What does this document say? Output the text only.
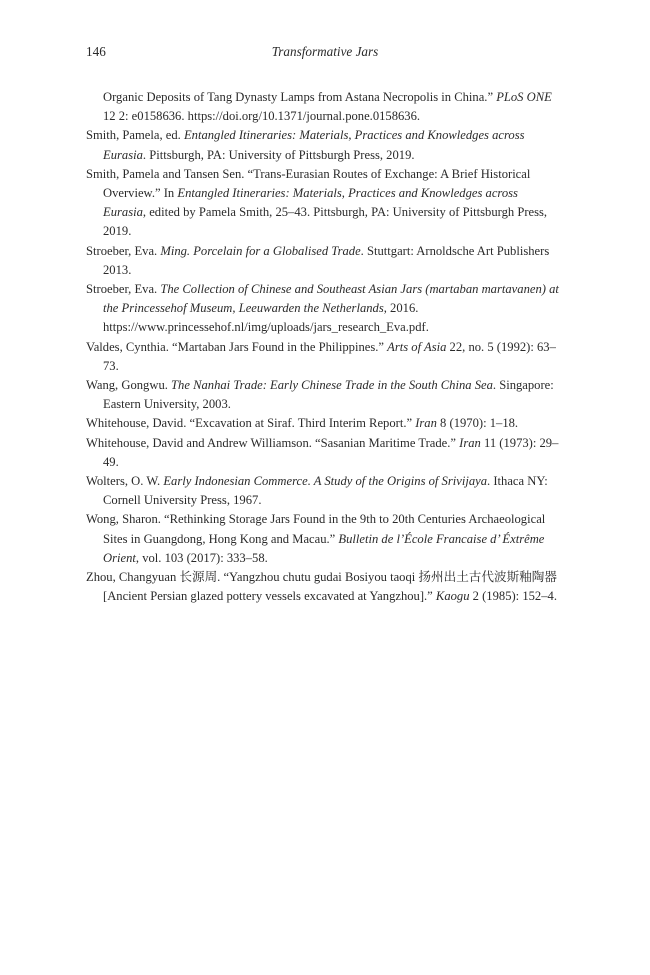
146	Transformative Jars

Organic Deposits of Tang Dynasty Lamps from Astana Necropolis in China.” PLoS ONE 12 2: e0158636. https://doi.org/10.1371/journal.pone.0158636.

Smith, Pamela, ed. Entangled Itineraries: Materials, Practices and Knowledges across Eurasia. Pittsburgh, PA: University of Pittsburgh Press, 2019.

Smith, Pamela and Tansen Sen. “Trans-Eurasian Routes of Exchange: A Brief Historical Overview.” In Entangled Itineraries: Materials, Practices and Knowledges across Eurasia, edited by Pamela Smith, 25–43. Pittsburgh, PA: University of Pittsburgh Press, 2019.

Stroeber, Eva. Ming. Porcelain for a Globalised Trade. Stuttgart: Arnoldsche Art Publishers 2013.

Stroeber, Eva. The Collection of Chinese and Southeast Asian Jars (martaban martavanen) at the Princessehof Museum, Leeuwarden the Netherlands, 2016. https://www.princessehof.nl/img/uploads/jars_research_Eva.pdf.

Valdes, Cynthia. “Martaban Jars Found in the Philippines.” Arts of Asia 22, no. 5 (1992): 63–73.

Wang, Gongwu. The Nanhai Trade: Early Chinese Trade in the South China Sea. Singapore: Eastern University, 2003.

Whitehouse, David. “Excavation at Siraf. Third Interim Report.” Iran 8 (1970): 1–18.

Whitehouse, David and Andrew Williamson. “Sasanian Maritime Trade.” Iran 11 (1973): 29–49.

Wolters, O. W. Early Indonesian Commerce. A Study of the Origins of Srivijaya. Ithaca NY: Cornell University Press, 1967.

Wong, Sharon. “Rethinking Storage Jars Found in the 9th to 20th Centuries Archaeological Sites in Guangdong, Hong Kong and Macau.” Bulletin de l’École Francaise d’ Éxtrême Orient, vol. 103 (2017): 333–58.

Zhou, Changyuan 长源周. “Yangzhou chutu gudai Bosiyou taoqi 扬州出土古代波斯釉陶器 [Ancient Persian glazed pottery vessels excavated at Yangzhou].” Kaogu 2 (1985): 152–4.
